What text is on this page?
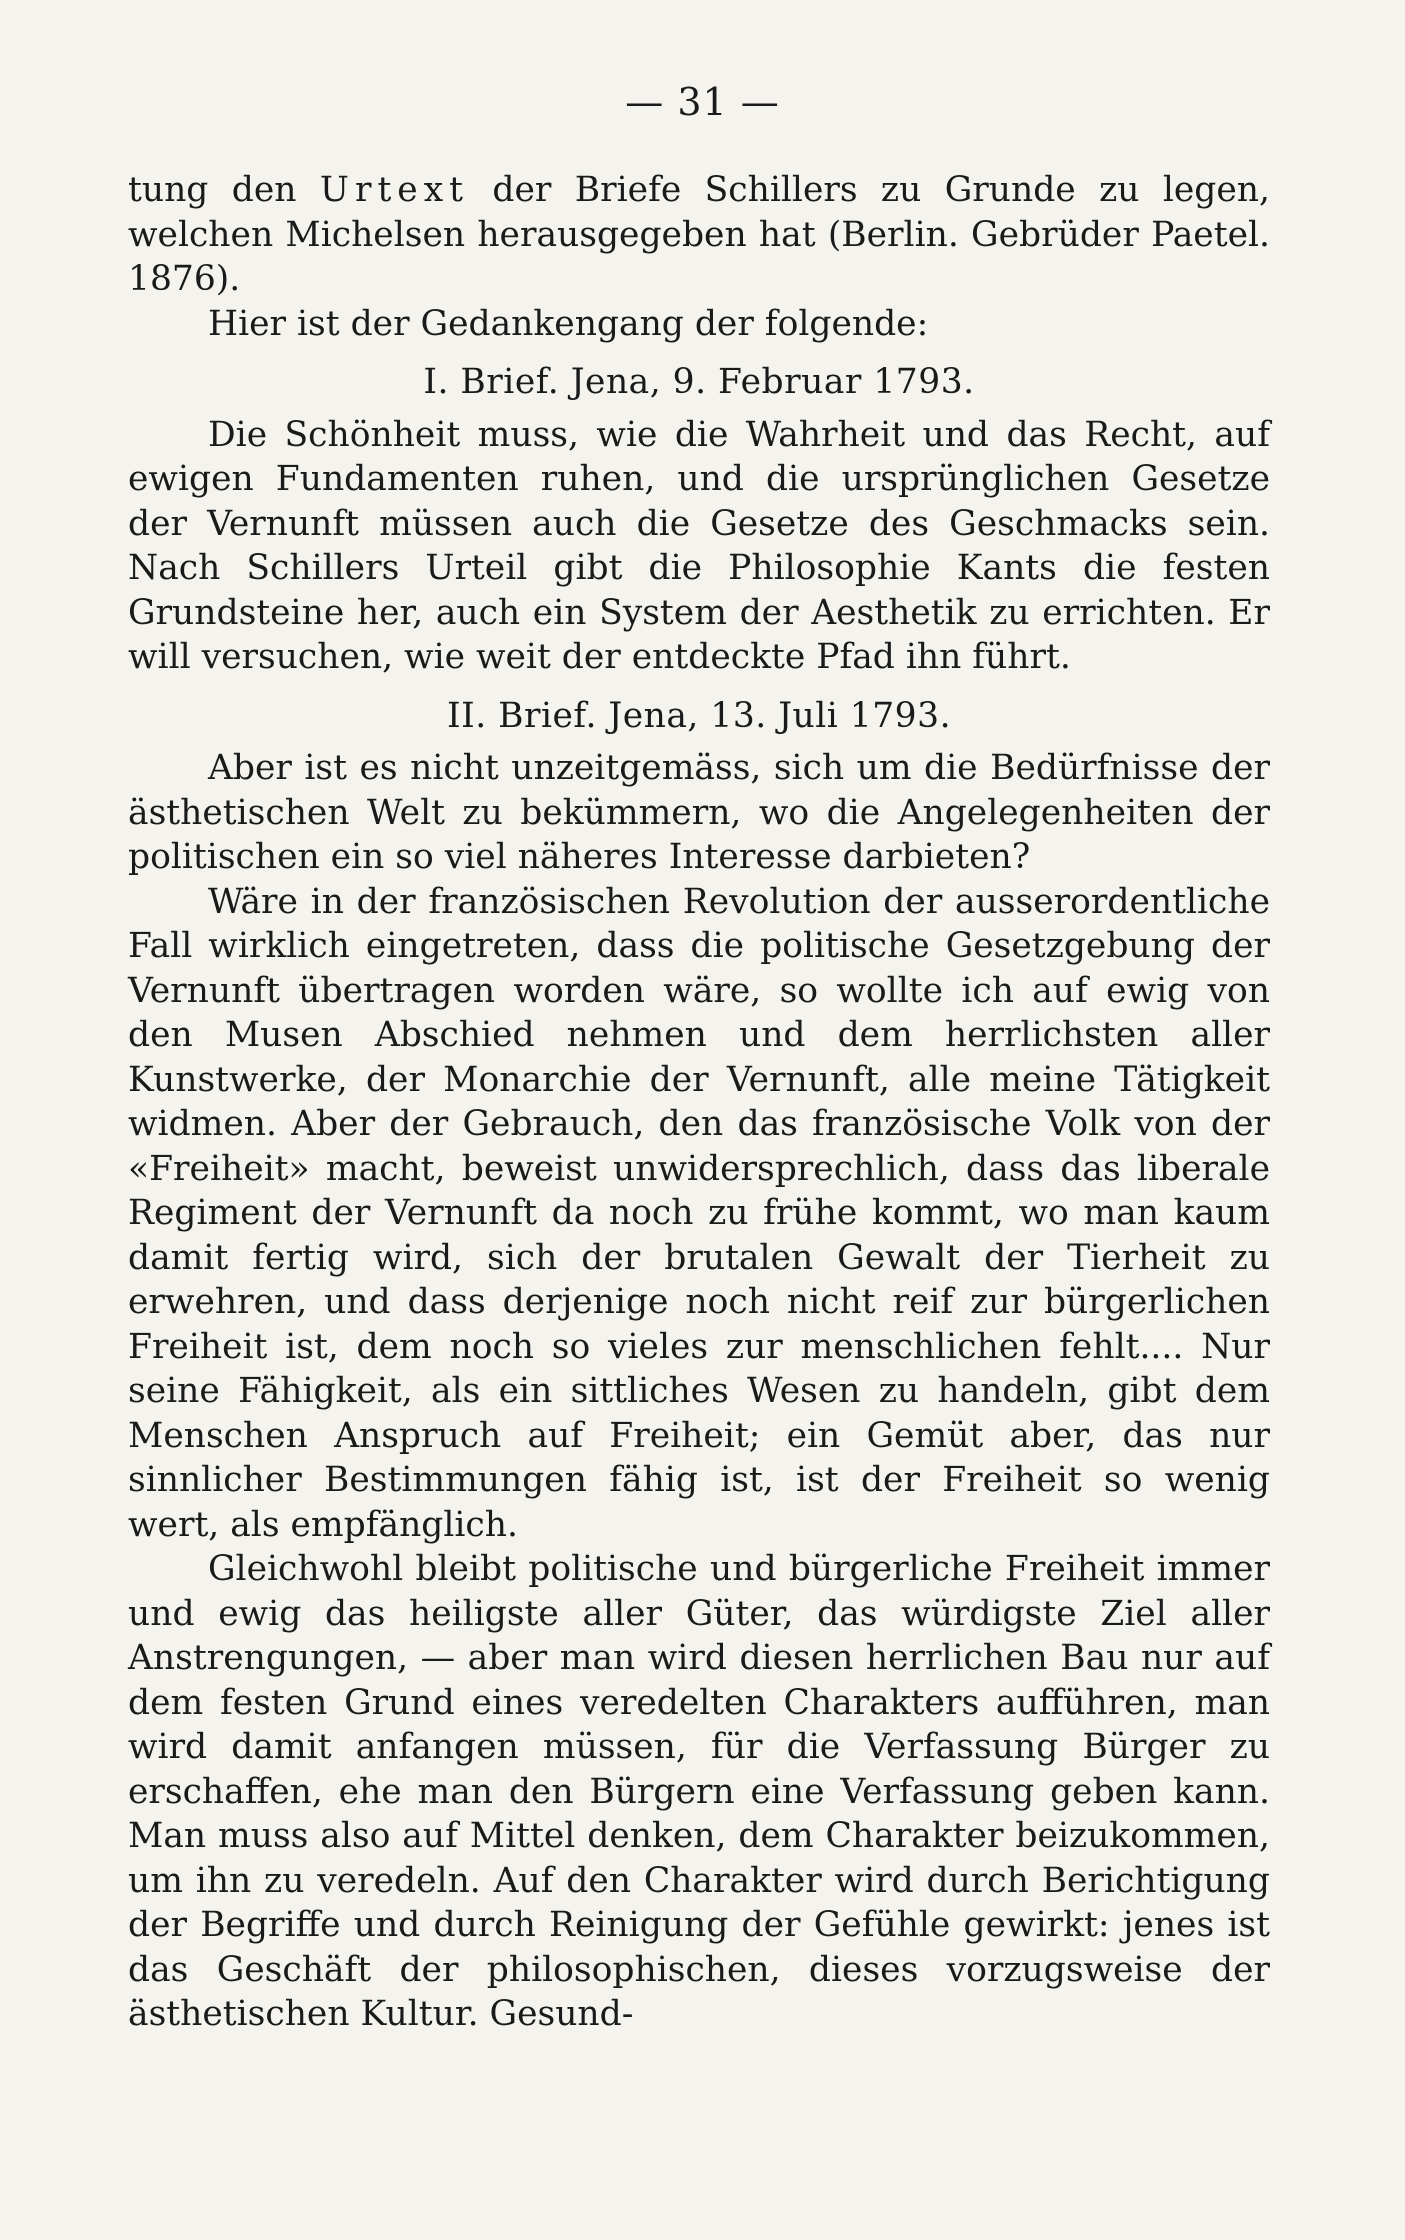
— 31 —

tung den Urtext der Briefe Schillers zu Grunde zu legen, welchen Michelsen herausgegeben hat (Berlin. Gebrüder Paetel. 1876).

Hier ist der Gedankengang der folgende:

I. Brief. Jena, 9. Februar 1793.

Die Schönheit muss, wie die Wahrheit und das Recht, auf ewigen Fundamenten ruhen, und die ursprünglichen Gesetze der Vernunft müssen auch die Gesetze des Geschmacks sein. Nach Schillers Urteil gibt die Philosophie Kants die festen Grundsteine her, auch ein System der Aesthetik zu errichten. Er will versuchen, wie weit der entdeckte Pfad ihn führt.

II. Brief. Jena, 13. Juli 1793.

Aber ist es nicht unzeitgemäss, sich um die Bedürfnisse der ästhetischen Welt zu bekümmern, wo die Angelegenheiten der politischen ein so viel näheres Interesse darbieten?

Wäre in der französischen Revolution der ausserordentliche Fall wirklich eingetreten, dass die politische Gesetzgebung der Vernunft übertragen worden wäre, so wollte ich auf ewig von den Musen Abschied nehmen und dem herrlichsten aller Kunstwerke, der Monarchie der Vernunft, alle meine Tätigkeit widmen. Aber der Gebrauch, den das französische Volk von der «Freiheit» macht, beweist unwidersprechlich, dass das liberale Regiment der Vernunft da noch zu frühe kommt, wo man kaum damit fertig wird, sich der brutalen Gewalt der Tierheit zu erwehren, und dass derjenige noch nicht reif zur bürgerlichen Freiheit ist, dem noch so vieles zur menschlichen fehlt.... Nur seine Fähigkeit, als ein sittliches Wesen zu handeln, gibt dem Menschen Anspruch auf Freiheit; ein Gemüt aber, das nur sinnlicher Bestimmungen fähig ist, ist der Freiheit so wenig wert, als empfänglich.

Gleichwohl bleibt politische und bürgerliche Freiheit immer und ewig das heiligste aller Güter, das würdigste Ziel aller Anstrengungen, — aber man wird diesen herrlichen Bau nur auf dem festen Grund eines veredelten Charakters aufführen, man wird damit anfangen müssen, für die Verfassung Bürger zu erschaffen, ehe man den Bürgern eine Verfassung geben kann. Man muss also auf Mittel denken, dem Charakter beizukommen, um ihn zu veredeln. Auf den Charakter wird durch Berichtigung der Begriffe und durch Reinigung der Gefühle gewirkt: jenes ist das Geschäft der philosophischen, dieses vorzugsweise der ästhetischen Kultur. Gesund-
